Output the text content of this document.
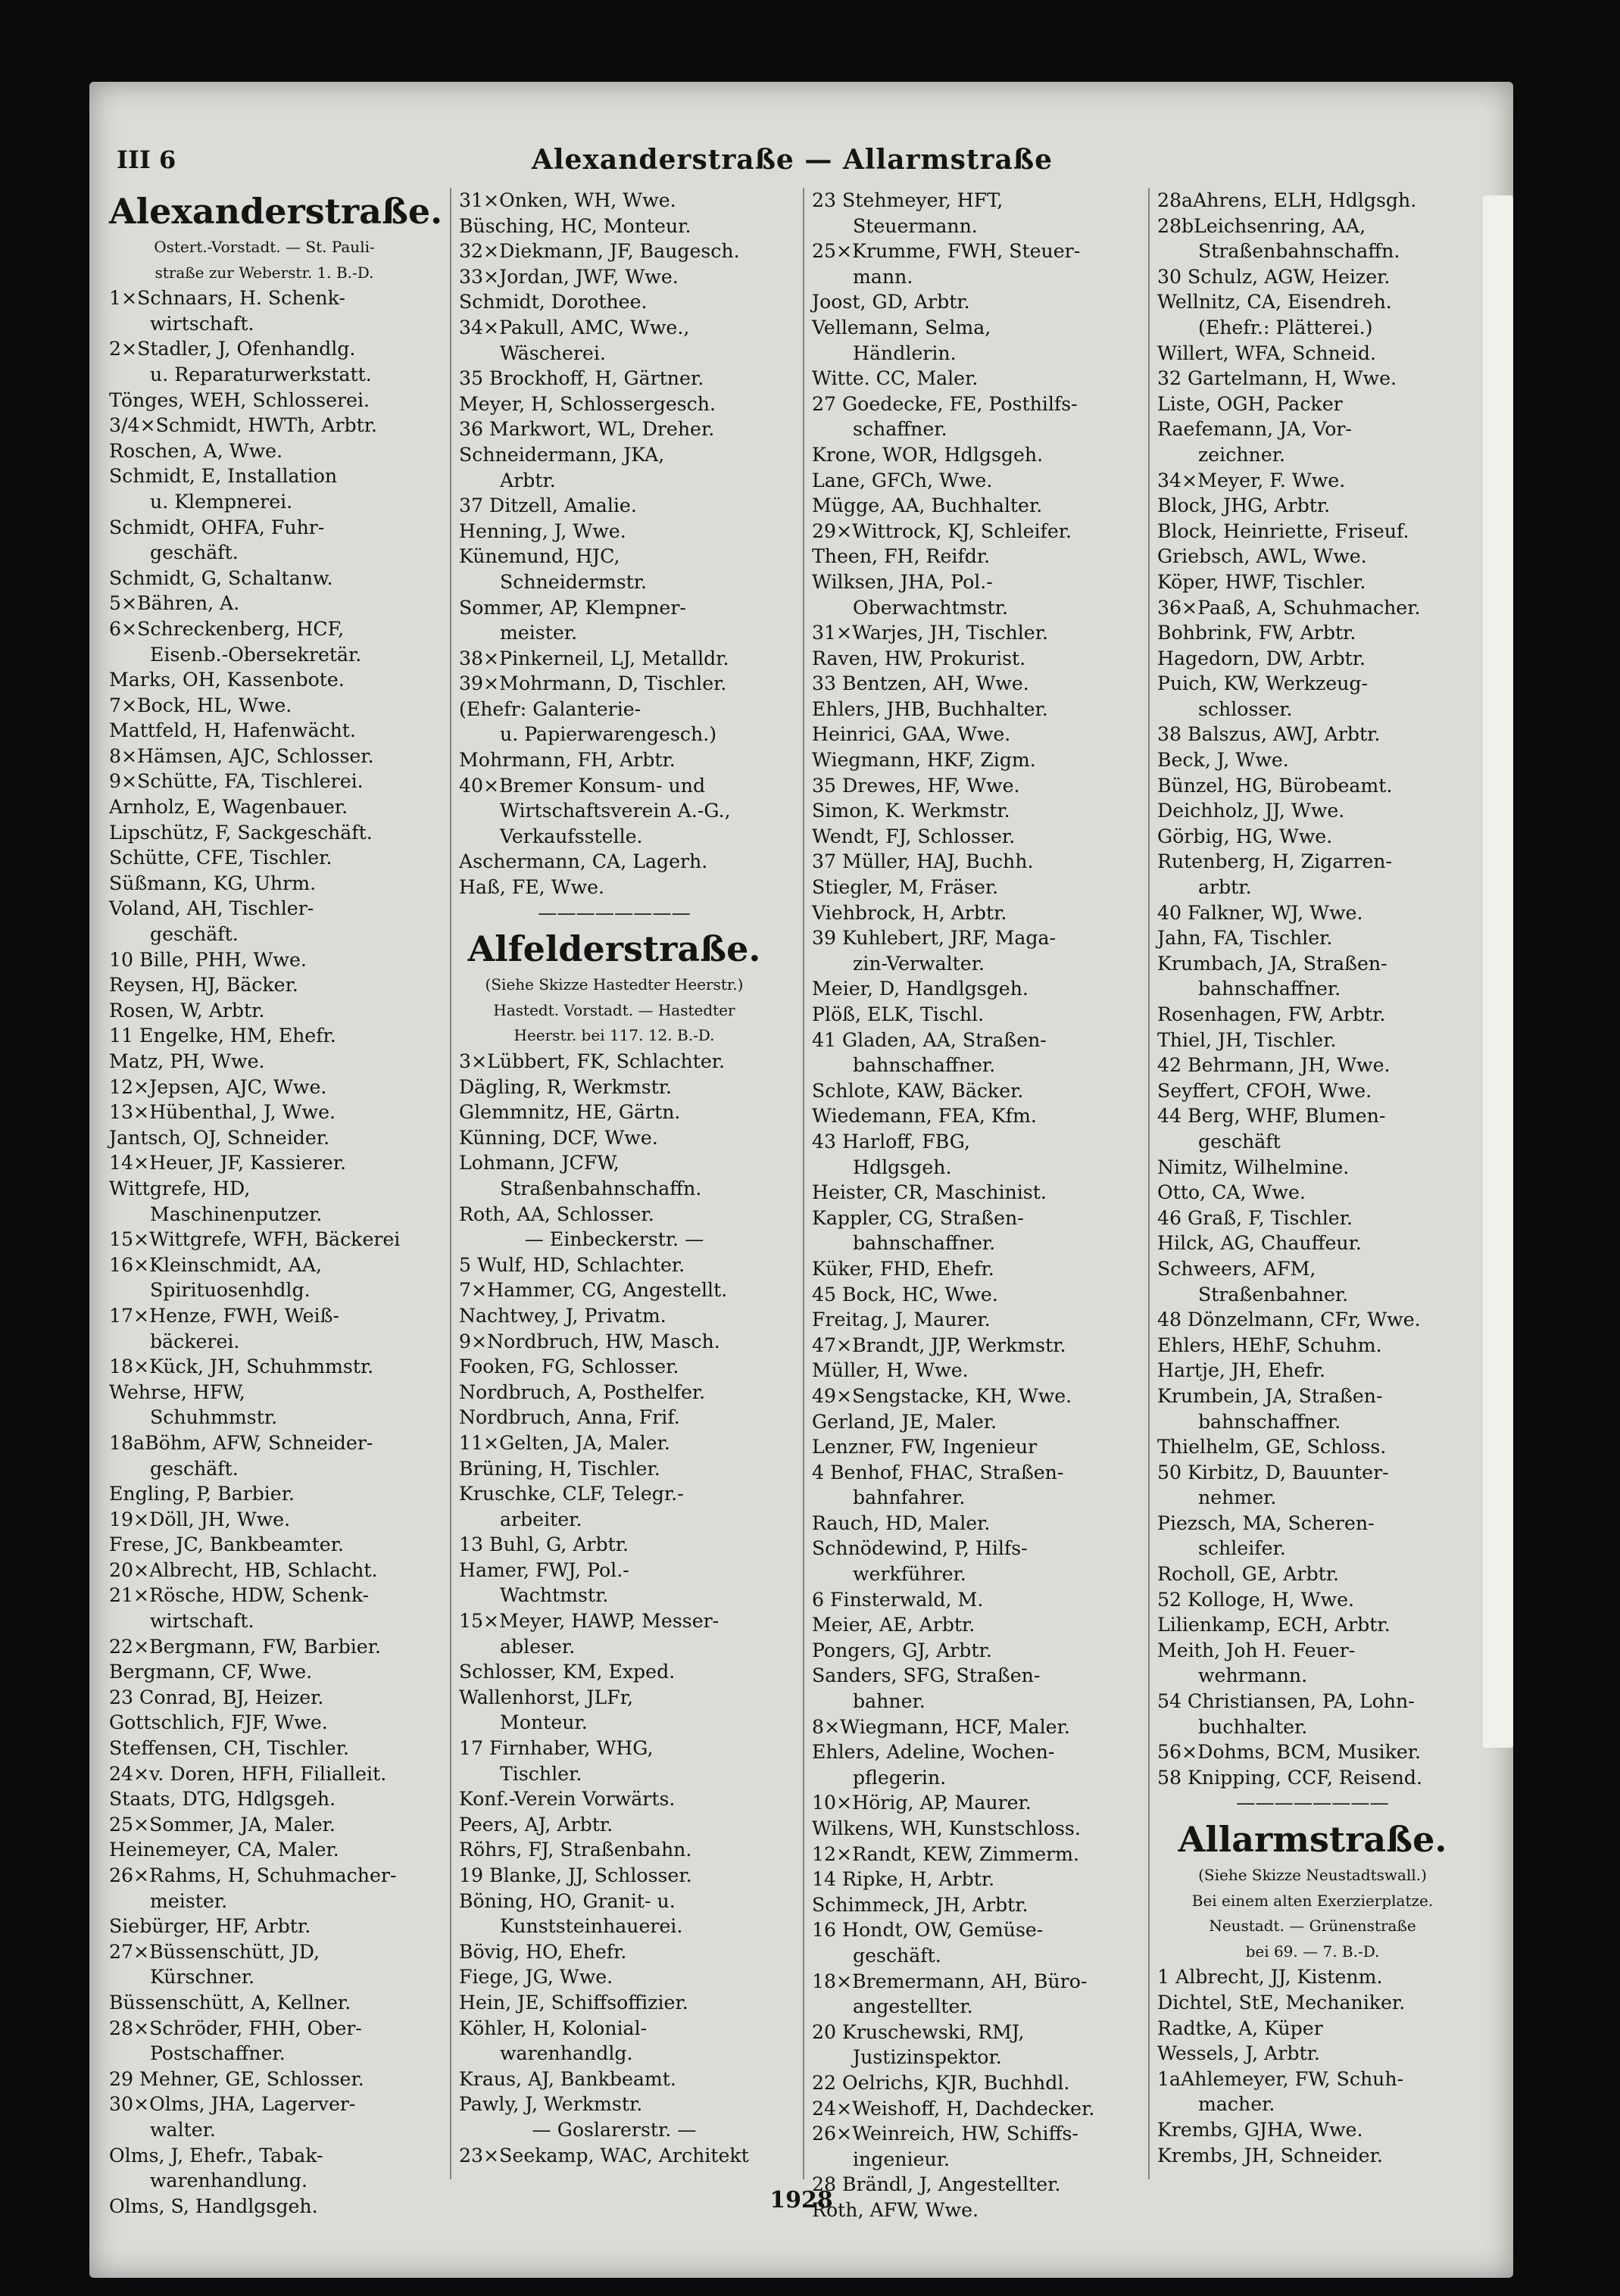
III 6	Alexanderstraße — Allarmstraße
Alexanderstraße.
Ostert.-Vorstadt. — St. Pauli-
straße zur Weberstr. 1. B.-D.
1×Schnaars, H. Schenk-
wirtschaft.
2×Stadler, J, Ofenhandlg.
u. Reparaturwerkstatt.
Tönges, WEH, Schlosserei.
3/4×Schmidt, HWTh, Arbtr.
Roschen, A, Wwe.
Schmidt, E, Installation
u. Klempnerei.
Schmidt, OHFA, Fuhr-
geschäft.
Schmidt, G, Schaltanw.
5×Bähren, A.
6×Schreckenberg, HCF,
Eisenb.-Obersekretär.
Marks, OH, Kassenbote.
7×Bock, HL, Wwe.
Mattfeld, H, Hafenwächt.
8×Hämsen, AJC, Schlosser.
9×Schütte, FA, Tischlerei.
Arnholz, E, Wagenbauer.
Lipschütz, F, Sackgeschäft.
Schütte, CFE, Tischler.
Süßmann, KG, Uhrm.
Voland, AH, Tischler-
geschäft.
10 Bille, PHH, Wwe.
Reysen, HJ, Bäcker.
Rosen, W, Arbtr.
11 Engelke, HM, Ehefr.
Matz, PH, Wwe.
12×Jepsen, AJC, Wwe.
13×Hübenthal, J, Wwe.
Jantsch, OJ, Schneider.
14×Heuer, JF, Kassierer.
Wittgrefe, HD,
Maschinenputzer.
15×Wittgrefe, WFH, Bäckerei
16×Kleinschmidt, AA,
Spirituosenhdlg.
17×Henze, FWH, Weiß-
bäckerei.
18×Kück, JH, Schuhmmstr.
Wehrse, HFW,
Schuhmmstr.
18aBöhm, AFW, Schneider-
geschäft.
Engling, P, Barbier.
19×Döll, JH, Wwe.
Frese, JC, Bankbeamter.
20×Albrecht, HB, Schlacht.
21×Rösche, HDW, Schenk-
wirtschaft.
22×Bergmann, FW, Barbier.
Bergmann, CF, Wwe.
23 Conrad, BJ, Heizer.
Gottschlich, FJF, Wwe.
Steffensen, CH, Tischler.
24×v. Doren, HFH, Filialleit.
Staats, DTG, Hdlgsgeh.
25×Sommer, JA, Maler.
Heinemeyer, CA, Maler.
26×Rahms, H, Schuhmacher-
meister.
Siebürger, HF, Arbtr.
27×Büssenschütt, JD,
Kürschner.
Büssenschütt, A, Kellner.
28×Schröder, FHH, Ober-
Postschaffner.
29 Mehner, GE, Schlosser.
30×Olms, JHA, Lagerver-
walter.
Olms, J, Ehefr., Tabak-
warenhandlung.
Olms, S, Handlgsgeh.
31×Onken, WH, Wwe.
Büsching, HC, Monteur.
32×Diekmann, JF, Baugesch.
33×Jordan, JWF, Wwe.
Schmidt, Dorothee.
34×Pakull, AMC, Wwe.,
Wäscherei.
35 Brockhoff, H, Gärtner.
Meyer, H, Schlossergesch.
36 Markwort, WL, Dreher.
Schneidermann, JKA,
Arbtr.
37 Ditzell, Amalie.
Henning, J, Wwe.
Künemund, HJC,
Schneidermstr.
Sommer, AP, Klempner-
meister.
38×Pinkerneil, LJ, Metalldr.
39×Mohrmann, D, Tischler.
(Ehefr: Galanterie-
u. Papierwarengesch.)
Mohrmann, FH, Arbtr.
40×Bremer Konsum- und
Wirtschaftsverein A.-G.,
Verkaufsstelle.
Aschermann, CA, Lagerh.
Haß, FE, Wwe.
————————
Alfelderstraße.
(Siehe Skizze Hastedter Heerstr.)
Hastedt. Vorstadt. — Hastedter
Heerstr. bei 117. 12. B.-D.
3×Lübbert, FK, Schlachter.
Dägling, R, Werkmstr.
Glemmnitz, HE, Gärtn.
Künning, DCF, Wwe.
Lohmann, JCFW,
Straßenbahnschaffn.
Roth, AA, Schlosser.
— Einbeckerstr. —
5 Wulf, HD, Schlachter.
7×Hammer, CG, Angestellt.
Nachtwey, J, Privatm.
9×Nordbruch, HW, Masch.
Fooken, FG, Schlosser.
Nordbruch, A, Posthelfer.
Nordbruch, Anna, Frif.
11×Gelten, JA, Maler.
Brüning, H, Tischler.
Kruschke, CLF, Telegr.-
arbeiter.
13 Buhl, G, Arbtr.
Hamer, FWJ, Pol.-
Wachtmstr.
15×Meyer, HAWP, Messer-
ableser.
Schlosser, KM, Exped.
Wallenhorst, JLFr,
Monteur.
17 Firnhaber, WHG,
Tischler.
Konf.-Verein Vorwärts.
Peers, AJ, Arbtr.
Röhrs, FJ, Straßenbahn.
19 Blanke, JJ, Schlosser.
Böning, HO, Granit- u.
Kunststeinhauerei.
Bövig, HO, Ehefr.
Fiege, JG, Wwe.
Hein, JE, Schiffsoffizier.
Köhler, H, Kolonial-
warenhandlg.
Kraus, AJ, Bankbeamt.
Pawly, J, Werkmstr.
— Goslarerstr. —
23×Seekamp, WAC, Architekt
23 Stehmeyer, HFT,
Steuermann.
25×Krumme, FWH, Steuer-
mann.
Joost, GD, Arbtr.
Vellemann, Selma,
Händlerin.
Witte. CC, Maler.
27 Goedecke, FE, Posthilfs-
schaffner.
Krone, WOR, Hdlgsgeh.
Lane, GFCh, Wwe.
Mügge, AA, Buchhalter.
29×Wittrock, KJ, Schleifer.
Theen, FH, Reifdr.
Wilksen, JHA, Pol.-
Oberwachtmstr.
31×Warjes, JH, Tischler.
Raven, HW, Prokurist.
33 Bentzen, AH, Wwe.
Ehlers, JHB, Buchhalter.
Heinrici, GAA, Wwe.
Wiegmann, HKF, Zigm.
35 Drewes, HF, Wwe.
Simon, K. Werkmstr.
Wendt, FJ, Schlosser.
37 Müller, HAJ, Buchh.
Stiegler, M, Fräser.
Viehbrock, H, Arbtr.
39 Kuhlebert, JRF, Maga-
zin-Verwalter.
Meier, D, Handlgsgeh.
Plöß, ELK, Tischl.
41 Gladen, AA, Straßen-
bahnschaffner.
Schlote, KAW, Bäcker.
Wiedemann, FEA, Kfm.
43 Harloff, FBG,
Hdlgsgeh.
Heister, CR, Maschinist.
Kappler, CG, Straßen-
bahnschaffner.
Küker, FHD, Ehefr.
45 Bock, HC, Wwe.
Freitag, J, Maurer.
47×Brandt, JJP, Werkmstr.
Müller, H, Wwe.
49×Sengstacke, KH, Wwe.
Gerland, JE, Maler.
Lenzner, FW, Ingenieur
4 Benhof, FHAC, Straßen-
bahnfahrer.
Rauch, HD, Maler.
Schnödewind, P, Hilfs-
werkführer.
6 Finsterwald, M.
Meier, AE, Arbtr.
Pongers, GJ, Arbtr.
Sanders, SFG, Straßen-
bahner.
8×Wiegmann, HCF, Maler.
Ehlers, Adeline, Wochen-
pflegerin.
10×Hörig, AP, Maurer.
Wilkens, WH, Kunstschloss.
12×Randt, KEW, Zimmerm.
14 Ripke, H, Arbtr.
Schimmeck, JH, Arbtr.
16 Hondt, OW, Gemüse-
geschäft.
18×Bremermann, AH, Büro-
angestellter.
20 Kruschewski, RMJ,
Justizinspektor.
22 Oelrichs, KJR, Buchhdl.
24×Weishoff, H, Dachdecker.
26×Weinreich, HW, Schiffs-
ingenieur.
28 Brändl, J, Angestellter.
Roth, AFW, Wwe.
28aAhrens, ELH, Hdlgsgh.
28bLeichsenring, AA,
Straßenbahnschaffn.
30 Schulz, AGW, Heizer.
Wellnitz, CA, Eisendreh.
(Ehefr.: Plätterei.)
Willert, WFA, Schneid.
32 Gartelmann, H, Wwe.
Liste, OGH, Packer
Raefemann, JA, Vor-
zeichner.
34×Meyer, F. Wwe.
Block, JHG, Arbtr.
Block, Heinriette, Friseuf.
Griebsch, AWL, Wwe.
Köper, HWF, Tischler.
36×Paaß, A, Schuhmacher.
Bohbrink, FW, Arbtr.
Hagedorn, DW, Arbtr.
Puich, KW, Werkzeug-
schlosser.
38 Balszus, AWJ, Arbtr.
Beck, J, Wwe.
Bünzel, HG, Bürobeamt.
Deichholz, JJ, Wwe.
Görbig, HG, Wwe.
Rutenberg, H, Zigarren-
arbtr.
40 Falkner, WJ, Wwe.
Jahn, FA, Tischler.
Krumbach, JA, Straßen-
bahnschaffner.
Rosenhagen, FW, Arbtr.
Thiel, JH, Tischler.
42 Behrmann, JH, Wwe.
Seyffert, CFOH, Wwe.
44 Berg, WHF, Blumen-
geschäft
Nimitz, Wilhelmine.
Otto, CA, Wwe.
46 Graß, F, Tischler.
Hilck, AG, Chauffeur.
Schweers, AFM,
Straßenbahner.
48 Dönzelmann, CFr, Wwe.
Ehlers, HEhF, Schuhm.
Hartje, JH, Ehefr.
Krumbein, JA, Straßen-
bahnschaffner.
Thielhelm, GE, Schloss.
50 Kirbitz, D, Bauunter-
nehmer.
Piezsch, MA, Scheren-
schleifer.
Rocholl, GE, Arbtr.
52 Kolloge, H, Wwe.
Lilienkamp, ECH, Arbtr.
Meith, Joh H. Feuer-
wehrmann.
54 Christiansen, PA, Lohn-
buchhalter.
56×Dohms, BCM, Musiker.
58 Knipping, CCF, Reisend.
————————
Allarmstraße.
(Siehe Skizze Neustadtswall.)
Bei einem alten Exerzierplatze.
Neustadt. — Grünenstraße
bei 69. — 7. B.-D.
1 Albrecht, JJ, Kistenm.
Dichtel, StE, Mechaniker.
Radtke, A, Küper
Wessels, J, Arbtr.
1aAhlemeyer, FW, Schuh-
macher.
Krembs, GJHA, Wwe.
Krembs, JH, Schneider.
1928
